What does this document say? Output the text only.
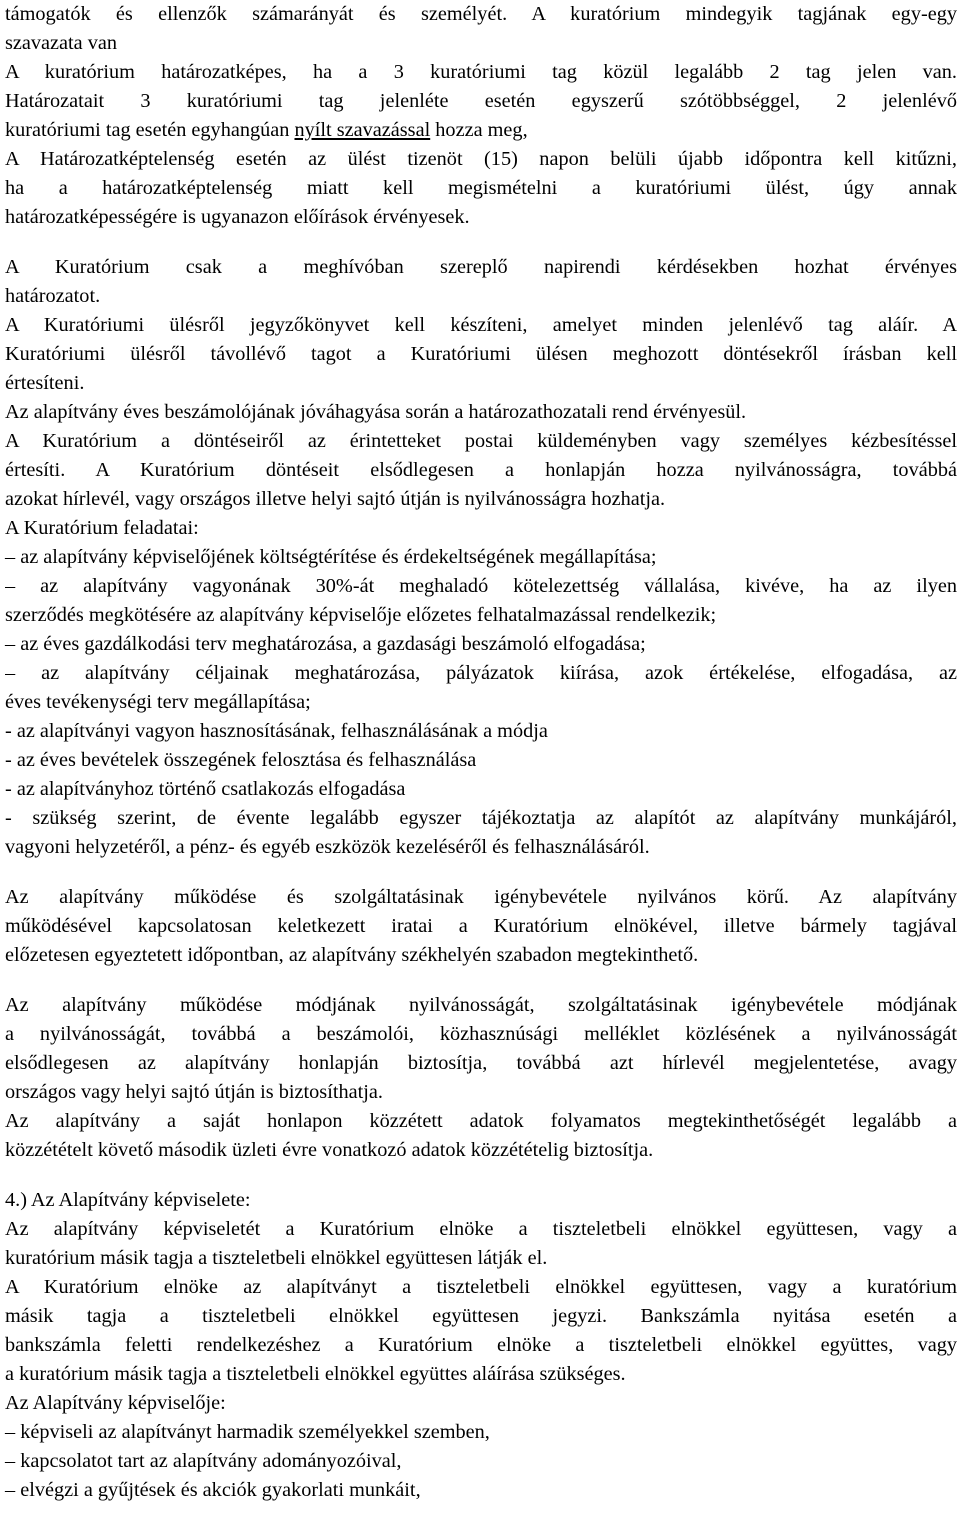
támogatók és ellenzők számarányát és személyét. A kuratórium mindegyik tagjának egy-egy
szavazata van
A kuratórium határozatképes, ha a 3 kuratóriumi tag közül legalább 2 tag jelen van.
Határozatait 3 kuratóriumi tag jelenléte esetén egyszerű szótöbbséggel, 2 jelenlévő
kuratóriumi tag esetén egyhangúan nyílt szavazással hozza meg,
A Határozatképtelenség esetén az ülést tizenöt (15) napon belüli újabb időpontra kell kitűzni,
ha a határozatképtelenség miatt kell megismételni a kuratóriumi ülést, úgy annak
határozatképességére is ugyanazon előírások érvényesek.
A Kuratórium csak a meghívóban szereplő napirendi kérdésekben hozhat érvényes
határozatot.
A Kuratóriumi ülésről jegyzőkönyvet kell készíteni, amelyet minden jelenlévő tag aláír. A
Kuratóriumi ülésről távollévő tagot a Kuratóriumi ülésen meghozott döntésekről írásban kell
értesíteni.
Az alapítvány éves beszámolójának jóváhagyása során a határozathozatali rend érvényesül.
A Kuratórium a döntéseiről az érintetteket postai küldeményben vagy személyes kézbesítéssel
értesíti. A Kuratórium döntéseit elsődlegesen a honlapján hozza nyilvánosságra, továbbá
azokat hírlevél, vagy országos illetve helyi sajtó útján is nyilvánosságra hozhatja.
A Kuratórium feladatai:
– az alapítvány képviselőjének költségtérítése és érdekeltségének megállapítása;
– az alapítvány vagyonának 30%-át meghaladó kötelezettség vállalása, kivéve, ha az ilyen
szerződés megkötésére az alapítvány képviselője előzetes felhatalmazással rendelkezik;
– az éves gazdálkodási terv meghatározása, a gazdasági beszámoló elfogadása;
– az alapítvány céljainak meghatározása, pályázatok kiírása, azok értékelése, elfogadása, az
éves tevékenységi terv megállapítása;
- az alapítványi vagyon hasznosításának, felhasználásának a módja
- az éves bevételek összegének felosztása és felhasználása
- az alapítványhoz történő csatlakozás elfogadása
- szükség szerint, de évente legalább egyszer tájékoztatja az alapítót az alapítvány munkájáról,
vagyoni helyzetéről, a pénz- és egyéb eszközök kezeléséről és felhasználásáról.
Az alapítvány működése és szolgáltatásinak igénybevétele nyilvános körű. Az alapítvány
működésével kapcsolatosan keletkezett iratai a Kuratórium elnökével, illetve bármely tagjával
előzetesen egyeztetett időpontban, az alapítvány székhelyén szabadon megtekinthető.
Az alapítvány működése módjának nyilvánosságát, szolgáltatásinak igénybevétele módjának
a nyilvánosságát, továbbá a beszámolói, közhasznúsági melléklet közlésének a nyilvánosságát
elsődlegesen az alapítvány honlapján biztosítja, továbbá azt hírlevél megjelentetése, avagy
országos vagy helyi sajtó útján is biztosíthatja.
Az alapítvány a saját honlapon közzétett adatok folyamatos megtekinthetőségét legalább a
közzétételt követő második üzleti évre vonatkozó adatok közzétételig biztosítja.
4.) Az Alapítvány képviselete:
Az alapítvány képviseletét a Kuratórium elnöke a tiszteletbeli elnökkel együttesen, vagy a
kuratórium másik tagja a tiszteletbeli elnökkel együttesen látják el.
A Kuratórium elnöke az alapítványt a tiszteletbeli elnökkel együttesen, vagy a kuratórium
másik tagja a tiszteletbeli elnökkel együttesen jegyzi. Bankszámla nyitása esetén a
bankszámla feletti rendelkezéshez a Kuratórium elnöke a tiszteletbeli elnökkel együttes, vagy
a kuratórium másik tagja a tiszteletbeli elnökkel együttes aláírása szükséges.
Az Alapítvány képviselője:
– képviseli az alapítványt harmadik személyekkel szemben,
– kapcsolatot tart az alapítvány adományozóival,
– elvégzi a gyűjtések és akciók gyakorlati munkáit,
